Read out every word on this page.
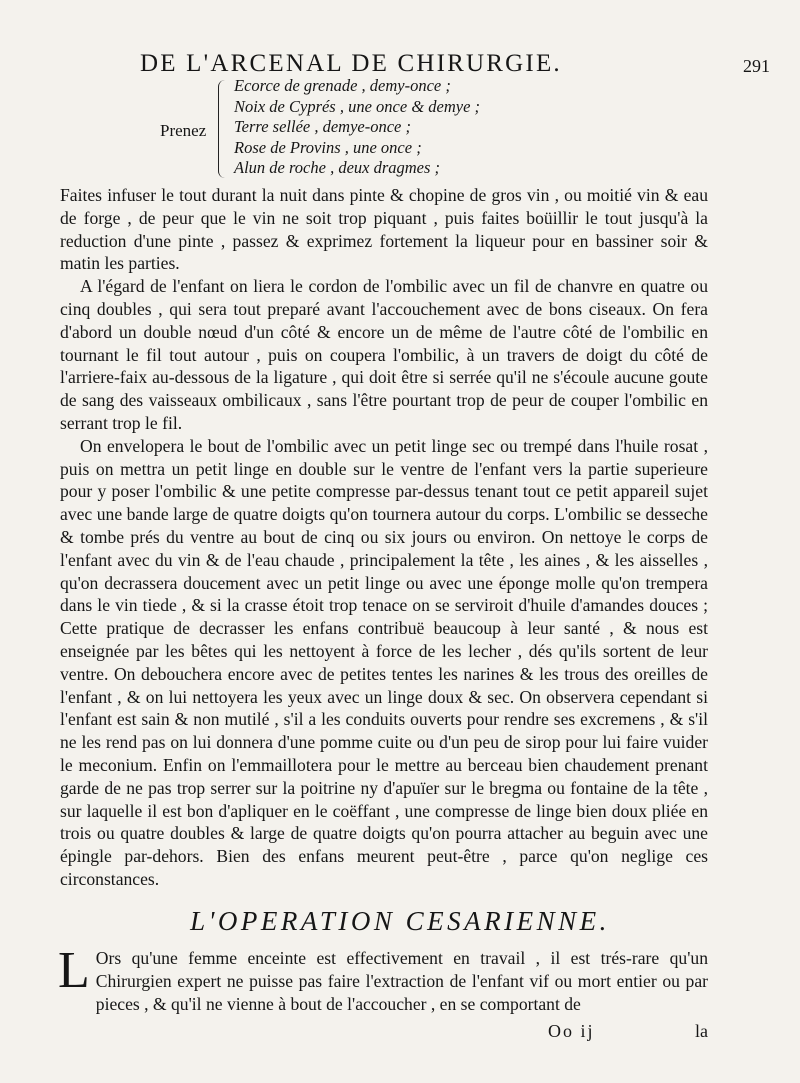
DE L'ARCENAL DE CHIRURGIE.	291
Prenez
Ecorce de grenade , demy-once ;
Noix de Cyprés , une once & demye ;
Terre sellée , demye-once ;
Rose de Provins , une once ;
Alun de roche , deux dragmes ;

Faites infuser le tout durant la nuit dans pinte & chopine de gros vin , ou moitié vin & eau de forge , de peur que le vin ne soit trop piquant , puis faites boüillir le tout jusqu'à la reduction d'une pinte , passez & exprimez fortement la liqueur pour en bassiner soir & matin les parties.

A l'égard de l'enfant on liera le cordon de l'ombilic avec un fil de chanvre en quatre ou cinq doubles , qui sera tout preparé avant l'accouchement avec de bons ciseaux. On fera d'abord un double nœud d'un côté & encore un de même de l'autre côté de l'ombilic en tournant le fil tout autour , puis on coupera l'ombilic, à un travers de doigt du côté de l'arriere-faix au-dessous de la ligature , qui doit être si serrée qu'il ne s'écoule aucune goute de sang des vaisseaux ombilicaux , sans l'être pourtant trop de peur de couper l'ombilic en serrant trop le fil.

On envelopera le bout de l'ombilic avec un petit linge sec ou trempé dans l'huile rosat , puis on mettra un petit linge en double sur le ventre de l'enfant vers la partie superieure pour y poser l'ombilic & une petite compresse par-dessus tenant tout ce petit appareil sujet avec une bande large de quatre doigts qu'on tournera autour du corps. L'ombilic se desseche & tombe prés du ventre au bout de cinq ou six jours ou environ. On nettoye le corps de l'enfant avec du vin & de l'eau chaude , principalement la tête , les aines , & les aisselles , qu'on decrassera doucement avec un petit linge ou avec une éponge molle qu'on trempera dans le vin tiede , & si la crasse étoit trop tenace on se serviroit d'huile d'amandes douces ; Cette pratique de decrasser les enfans contribuë beaucoup à leur santé , & nous est enseignée par les bêtes qui les nettoyent à force de les lecher , dés qu'ils sortent de leur ventre. On debouchera encore avec de petites tentes les narines & les trous des oreilles de l'enfant , & on lui nettoyera les yeux avec un linge doux & sec. On observera cependant si l'enfant est sain & non mutilé , s'il a les conduits ouverts pour rendre ses excremens , & s'il ne les rend pas on lui donnera d'une pomme cuite ou d'un peu de sirop pour lui faire vuider le meconium. Enfin on l'emmaillotera pour le mettre au berceau bien chaudement prenant garde de ne pas trop serrer sur la poitrine ny d'apuïer sur le bregma ou fontaine de la tête , sur laquelle il est bon d'apliquer en le coëffant , une compresse de linge bien doux pliée en trois ou quatre doubles & large de quatre doigts qu'on pourra attacher au beguin avec une épingle par-dehors. Bien des enfans meurent peut-être , parce qu'on neglige ces circonstances.

L'OPERATION CESARIENNE.
L Ors qu'une femme enceinte est effectivement en travail , il est trés-rare qu'un Chirurgien expert ne puisse pas faire l'extraction de l'enfant vif ou mort entier ou par pieces , & qu'il ne vienne à bout de l'accoucher , en se comportant de
Oo ij	la
